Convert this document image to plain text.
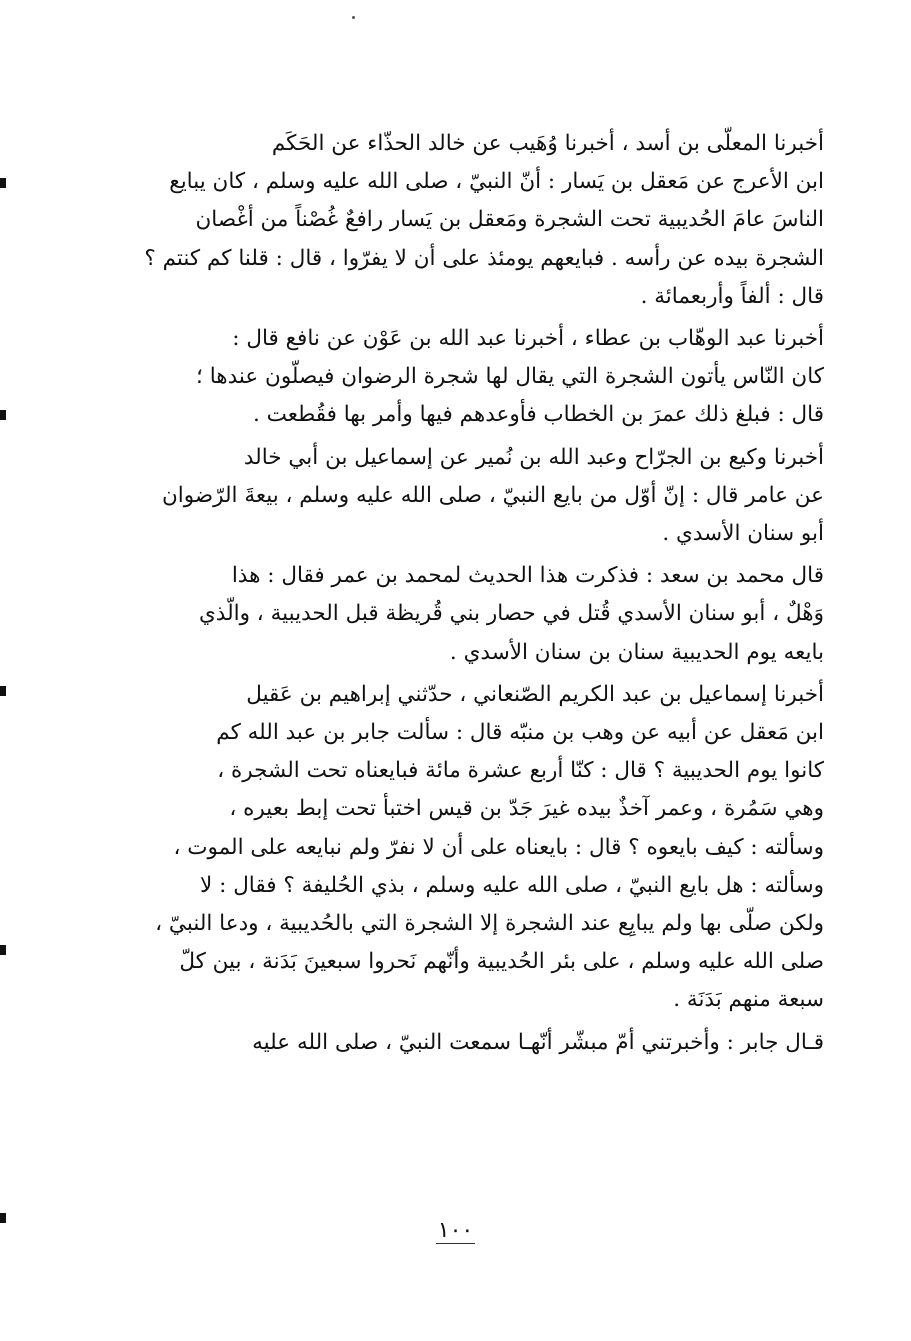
أخبرنا المعلّى بن أسد ، أخبرنا وُهَيب عن خالد الحذّاء عن الحَكَم
ابن الأعرج عن مَعقل بن يَسار : أنّ النبيّ ، صلى الله عليه وسلم ، كان يبايع
الناسَ عامَ الحُديبية تحت الشجرة ومَعقل بن يَسار رافعٌ غُصْناً من أغْصان
الشجرة بيده عن رأسه . فبايعهم يومئذ على أن لا يفرّوا ، قال : قلنا كم كنتم ؟
قال : ألفاً وأربعمائة .

أخبرنا عبد الوهّاب بن عطاء ، أخبرنا عبد الله بن عَوْن عن نافع قال :
كان النّاس يأتون الشجرة التي يقال لها شجرة الرضوان فيصلّون عندها ؛
قال : فبلغ ذلك عمرَ بن الخطاب فأوعدهم فيها وأمر بها فقُطعت .

أخبرنا وكيع بن الجرّاح وعبد الله بن نُمير عن إسماعيل بن أبي خالد
عن عامر قال : إنّ أوّل من بايع النبيّ ، صلى الله عليه وسلم ، بيعةَ الرّضوان
أبو سنان الأسدي .

قال محمد بن سعد : فذكرت هذا الحديث لمحمد بن عمر فقال : هذا
وَهْلٌ ، أبو سنان الأسدي قُتل في حصار بني قُريظة قبل الحديبية ، والّذي
بايعه يوم الحديبية سنان بن سنان الأسدي .

أخبرنا إسماعيل بن عبد الكريم الصّنعاني ، حدّثني إبراهيم بن عَقيل
ابن مَعقل عن أبيه عن وهب بن منبّه قال : سألت جابر بن عبد الله كم
كانوا يوم الحديبية ؟ قال : كنّا أربع عشرة مائة فبايعناه تحت الشجرة ،
وهي سَمُرة ، وعمر آخذٌ بيده غيرَ جَدّ بن قيس اختبأ تحت إبط بعيره ،
وسألته : كيف بايعوه ؟ قال : بايعناه على أن لا نفرّ ولم نبايعه على الموت ،
وسألته : هل بايع النبيّ ، صلى الله عليه وسلم ، بذي الحُليفة ؟ فقال : لا
ولكن صلّى بها ولم يبايِع عند الشجرة إلا الشجرة التي بالحُديبية ، ودعا النبيّ ،
صلى الله عليه وسلم ، على بئر الحُديبية وأنّهم نَحروا سبعينَ بَدَنة ، بين كلّ
سبعة منهم بَدَنَة .

قـال جابر : وأخبرتني أمّ مبشّر أنّهـا سمعت النبيّ ، صلى الله عليه

١٠٠
